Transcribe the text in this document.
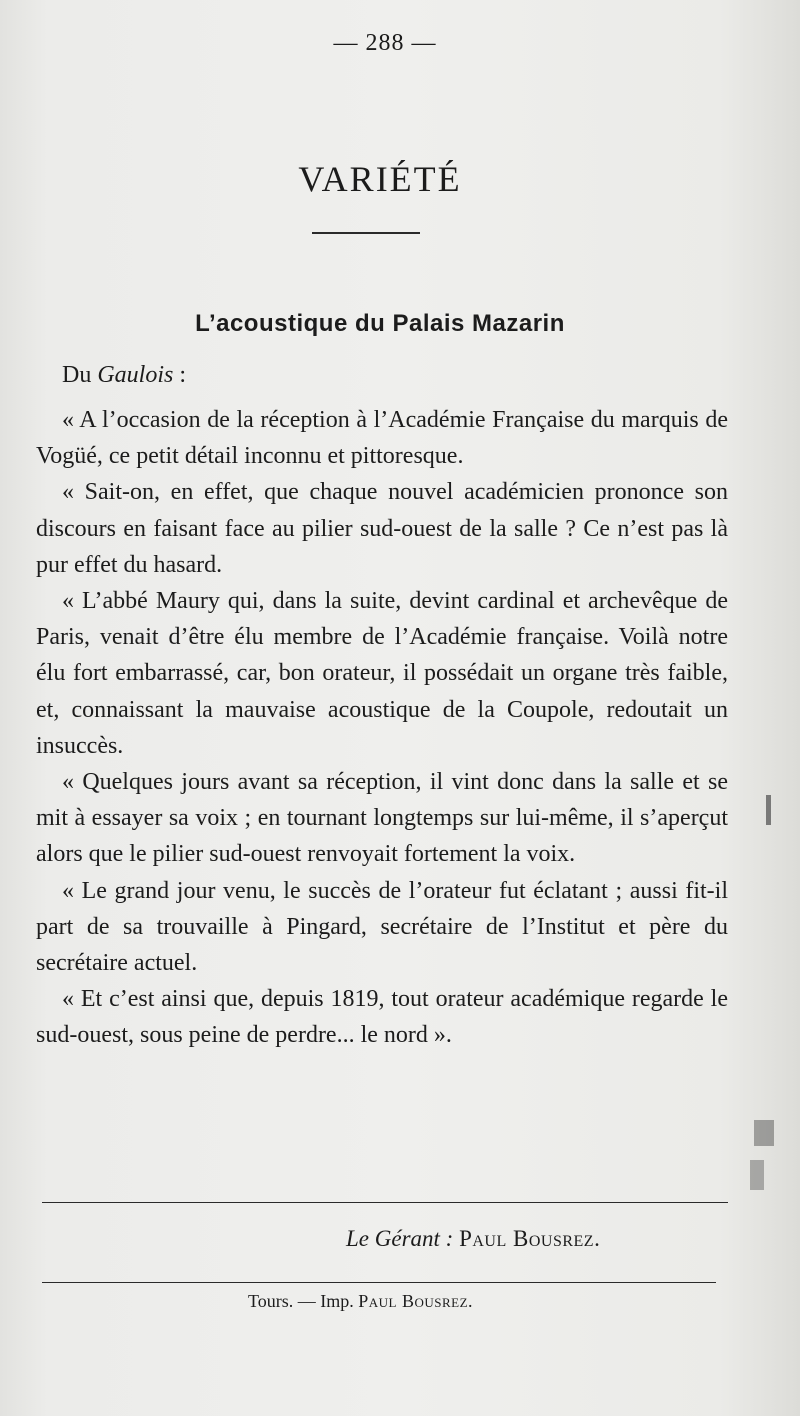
— 288 —
VARIÉTÉ
L’acoustique du Palais Mazarin
Du Gaulois :

« A l’occasion de la réception à l’Académie Française du marquis de Vogüé, ce petit détail inconnu et pittoresque.

« Sait-on, en effet, que chaque nouvel académicien prononce son discours en faisant face au pilier sud-ouest de la salle ? Ce n’est pas là pur effet du hasard.

« L’abbé Maury qui, dans la suite, devint cardinal et archevêque de Paris, venait d’être élu membre de l’Académie française. Voilà notre élu fort embarrassé, car, bon orateur, il possédait un organe très faible, et, connaissant la mauvaise acoustique de la Coupole, redoutait un insuccès.

« Quelques jours avant sa réception, il vint donc dans la salle et se mit à essayer sa voix ; en tournant longtemps sur lui-même, il s’aperçut alors que le pilier sud-ouest renvoyait fortement la voix.

« Le grand jour venu, le succès de l’orateur fut éclatant ; aussi fit-il part de sa trouvaille à Pingard, secrétaire de l’Institut et père du secrétaire actuel.

« Et c’est ainsi que, depuis 1819, tout orateur académique regarde le sud-ouest, sous peine de perdre... le nord ».

Le Gérant : Paul Bousrez.
Tours. — Imp. Paul Bousrez.
